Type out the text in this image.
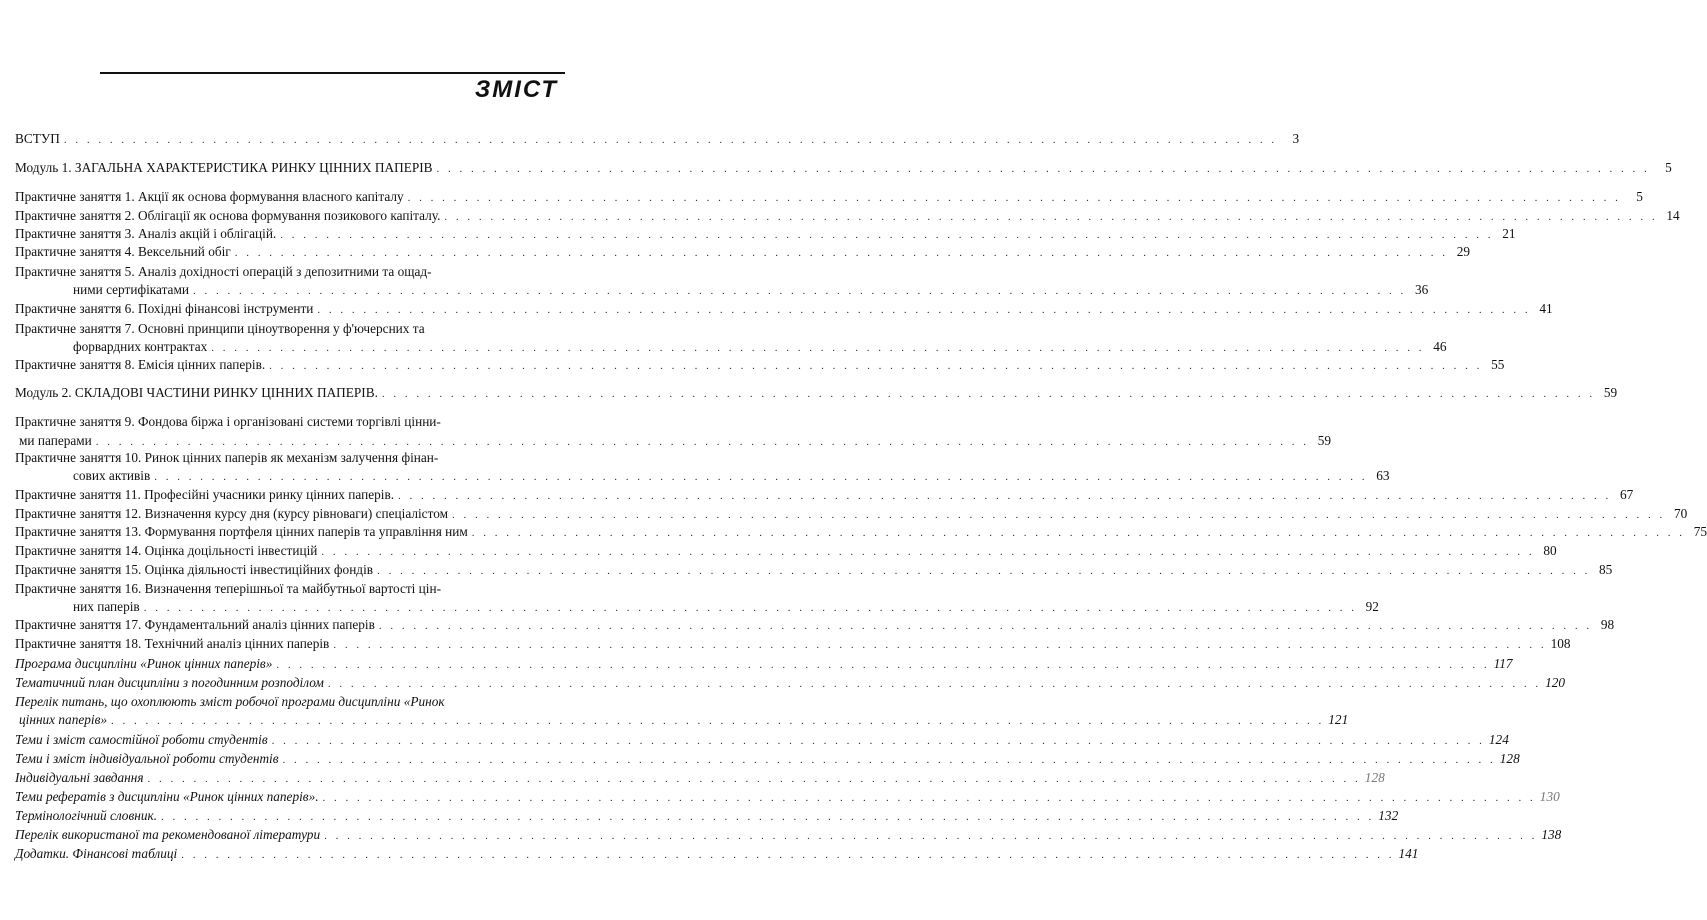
ЗМІСТ
ВСТУП . . .	3
Модуль 1. ЗАГАЛЬНА ХАРАКТЕРИСТИКА РИНКУ ЦІННИХ ПАПЕРІВ . . .	5
Практичне заняття 1. Акції як основа формування власного капіталу . . .	5
Практичне заняття 2. Облігації як основа формування позикового капіталу. . . .	14
Практичне заняття 3. Аналіз акцій і облігацій. . . .	21
Практичне заняття 4. Вексельний обіг . . .	29
Практичне заняття 5. Аналіз дохідності операцій з депозитними та ощад-
ними сертифікатами . . .	36
Практичне заняття 6. Похідні фінансові інструменти . . .	41
Практичне заняття 7. Основні принципи ціноутворення у ф'ючерсних та
форвардних контрактах . . .	46
Практичне заняття 8. Емісія цінних паперів. . . .	55
Модуль 2. СКЛАДОВІ ЧАСТИНИ РИНКУ ЦІННИХ ПАПЕРІВ. . . .	59
Практичне заняття 9. Фондова біржа і організовані системи торгівлі цінни-
ми паперами . . .	59
Практичне заняття 10. Ринок цінних паперів як механізм залучення фінан-
сових активів . . .	63
Практичне заняття 11. Професійні учасники ринку цінних паперів. . . .	67
Практичне заняття 12. Визначення курсу дня (курсу рівноваги) спеціалістом . . .	70
Практичне заняття 13. Формування портфеля цінних паперів та управління ним . . .	75
Практичне заняття 14. Оцінка доцільності інвестицій . . .	80
Практичне заняття 15. Оцінка діяльності інвестиційних фондів . . .	85
Практичне заняття 16. Визначення теперішньої та майбутньої вартості цін-
них паперів . . .	92
Практичне заняття 17. Фундаментальний аналіз цінних паперів . . .	98
Практичне заняття 18. Технічний аналіз цінних паперів . . .	108
Програма дисципліни «Ринок цінних паперів» . . .	117
Тематичний план дисципліни з погодинним розподілом . . .	120
Перелік питань, що охоплюють зміст робочої програми дисципліни «Ринок
цінних паперів» . . .	121
Теми і зміст самостійної роботи студентів . . .	124
Теми і зміст індивідуальної роботи студентів . . .	128
Індивідуальні завдання . . .	128
Теми рефератів з дисципліни «Ринок цінних паперів». . . .	130
Термінологічний словник. . . .	132
Перелік використаної та рекомендованої літератури . . .	138
Додатки. Фінансові таблиці . . .	141
